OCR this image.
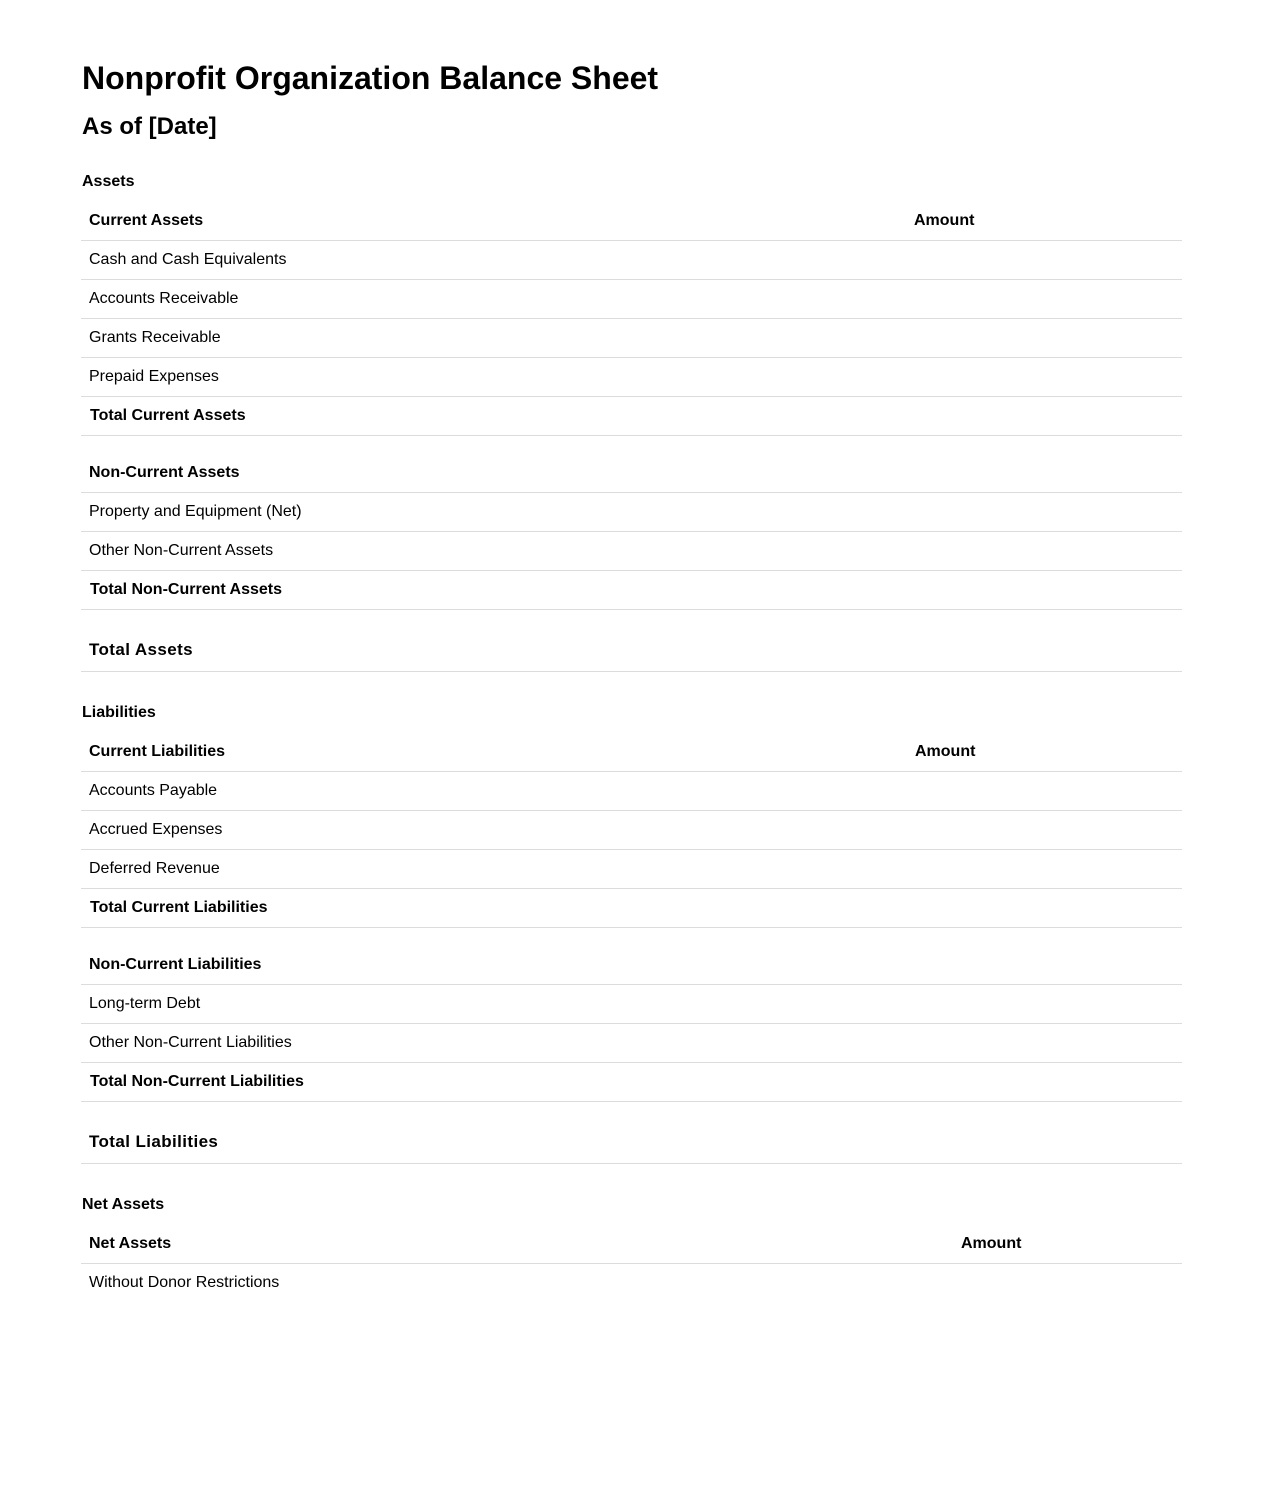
Nonprofit Organization Balance Sheet
As of [Date]
Assets
Current Assets	Amount
Cash and Cash Equivalents	
Accounts Receivable	
Grants Receivable	
Prepaid Expenses	
Total Current Assets	
Non-Current Assets	
Property and Equipment (Net)	
Other Non-Current Assets	
Total Non-Current Assets	
Total Assets
Liabilities
Current Liabilities	Amount
Accounts Payable	
Accrued Expenses	
Deferred Revenue	
Total Current Liabilities	
Non-Current Liabilities	
Long-term Debt	
Other Non-Current Liabilities	
Total Non-Current Liabilities	
Total Liabilities
Net Assets
Net Assets	Amount
Without Donor Restrictions	
